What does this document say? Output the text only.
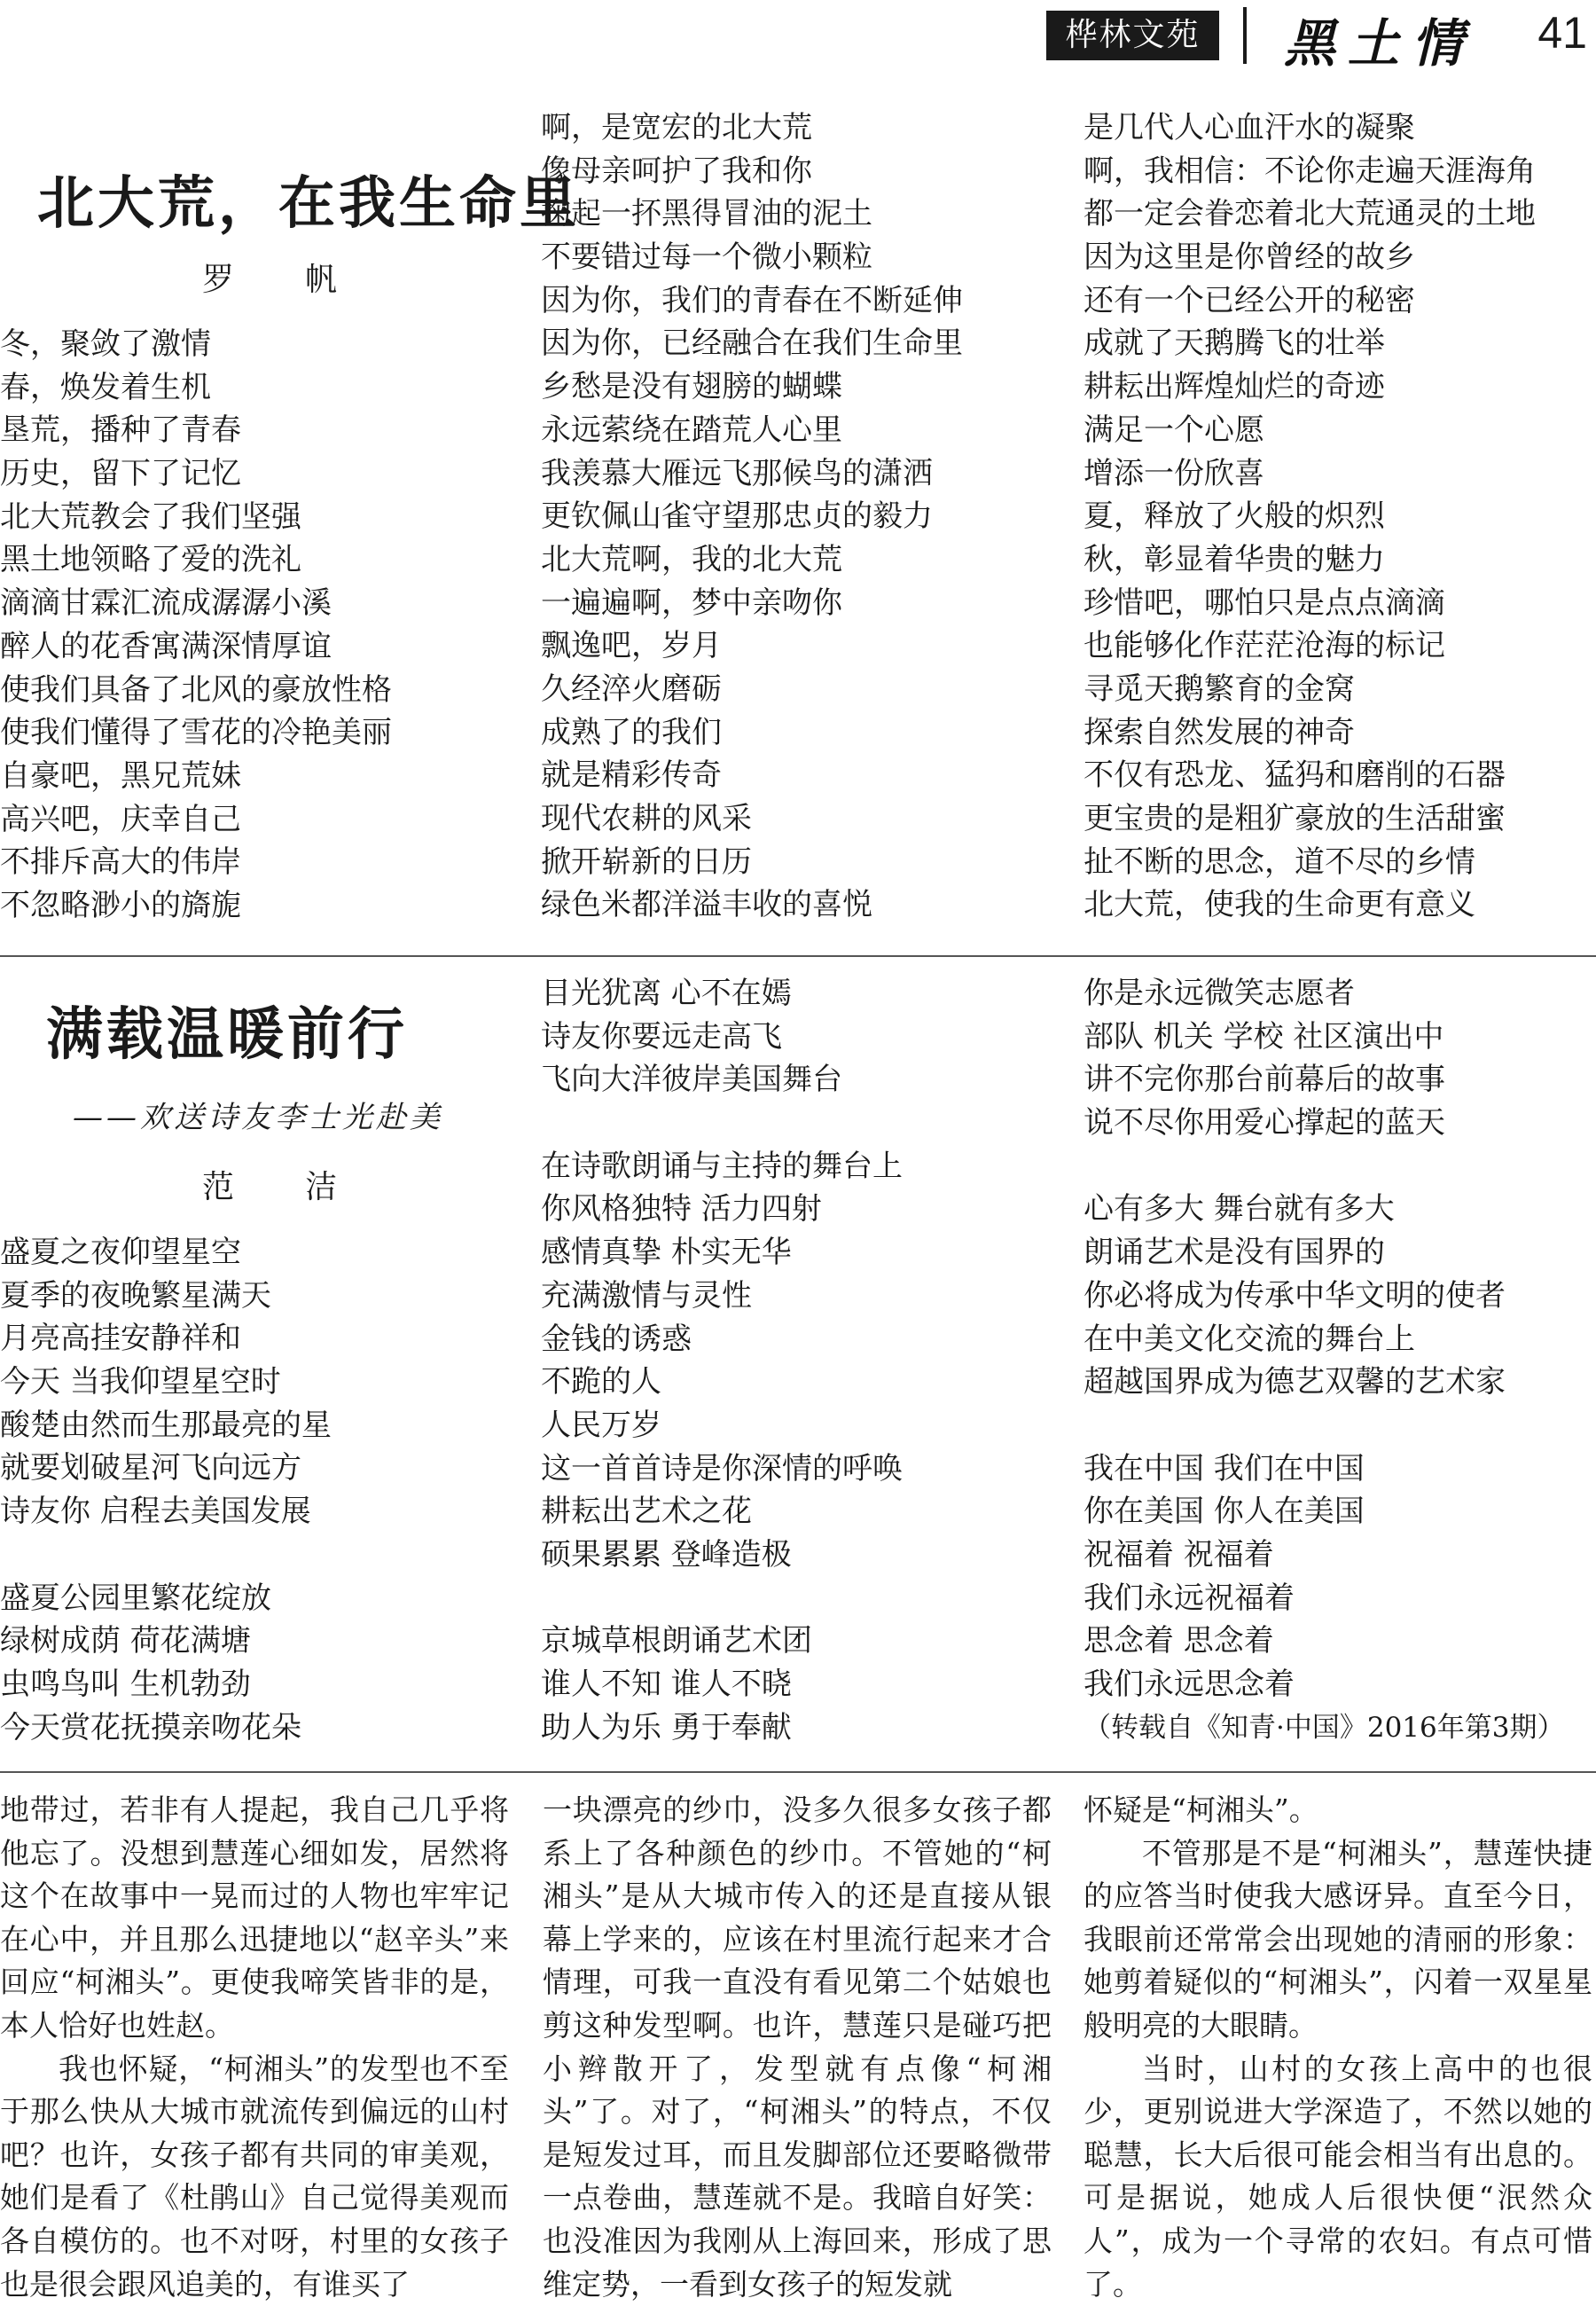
桦林文苑	黑土情 41
北大荒，在我生命里
罗　帆
冬，聚敛了激情
春，焕发着生机
垦荒，播种了青春
历史，留下了记忆
北大荒教会了我们坚强
黑土地领略了爱的洗礼
滴滴甘霖汇流成潺潺小溪
醉人的花香寓满深情厚谊
使我们具备了北风的豪放性格
使我们懂得了雪花的冷艳美丽
自豪吧，黑兄荒妹
高兴吧，庆幸自己
不排斥高大的伟岸
不忽略渺小的旖旎
啊，是宽宏的北大荒
像母亲呵护了我和你
掬起一抔黑得冒油的泥土
不要错过每一个微小颗粒
因为你，我们的青春在不断延伸
因为你，已经融合在我们生命里
乡愁是没有翅膀的蝴蝶
永远萦绕在踏荒人心里
我羡慕大雁远飞那候鸟的潇洒
更钦佩山雀守望那忠贞的毅力
北大荒啊，我的北大荒
一遍遍啊，梦中亲吻你
飘逸吧，岁月
久经淬火磨砺
成熟了的我们
就是精彩传奇
现代农耕的风采
掀开崭新的日历
绿色米都洋溢丰收的喜悦
是几代人心血汗水的凝聚
啊，我相信：不论你走遍天涯海角
都一定会眷恋着北大荒通灵的土地
因为这里是你曾经的故乡
还有一个已经公开的秘密
成就了天鹅腾飞的壮举
耕耘出辉煌灿烂的奇迹
满足一个心愿
增添一份欣喜
夏，释放了火般的炽烈
秋，彰显着华贵的魅力
珍惜吧，哪怕只是点点滴滴
也能够化作茫茫沧海的标记
寻觅天鹅繁育的金窝
探索自然发展的神奇
不仅有恐龙、猛犸和磨削的石器
更宝贵的是粗犷豪放的生活甜蜜
扯不断的思念，道不尽的乡情
北大荒，使我的生命更有意义
满载温暖前行
——欢送诗友李士光赴美
范　洁
盛夏之夜仰望星空
夏季的夜晚繁星满天
月亮高挂安静祥和
今天 当我仰望星空时
酸楚由然而生那最亮的星
就要划破星河飞向远方
诗友你 启程去美国发展
盛夏公园里繁花绽放
绿树成荫 荷花满塘
虫鸣鸟叫 生机勃劲
今天赏花抚摸亲吻花朵
目光犹离 心不在嫣
诗友你要远走高飞
飞向大洋彼岸美国舞台
在诗歌朗诵与主持的舞台上
你风格独特 活力四射
感情真挚 朴实无华
充满激情与灵性
金钱的诱惑
不跪的人
人民万岁
这一首首诗是你深情的呼唤
耕耘出艺术之花
硕果累累 登峰造极
京城草根朗诵艺术团
谁人不知 谁人不晓
助人为乐 勇于奉献
你是永远微笑志愿者
部队 机关 学校 社区演出中
讲不完你那台前幕后的故事
说不尽你用爱心撑起的蓝天
心有多大 舞台就有多大
朗诵艺术是没有国界的
你必将成为传承中华文明的使者
在中美文化交流的舞台上
超越国界成为德艺双馨的艺术家
我在中国 我们在中国
你在美国 你人在美国
祝福着 祝福着
我们永远祝福着
思念着 思念着
我们永远思念着
（转载自《知青·中国》2016年第3期）

地带过，若非有人提起，我自己几乎将他忘了。没想到慧莲心细如发，居然将这个在故事中一晃而过的人物也牢牢记在心中，并且那么迅捷地以“赵辛头”来回应“柯湘头”。更使我啼笑皆非的是，本人恰好也姓赵。

我也怀疑，“柯湘头”的发型也不至于那么快从大城市就流传到偏远的山村吧？也许，女孩子都有共同的审美观，她们是看了《杜鹃山》自己觉得美观而各自模仿的。也不对呀，村里的女孩子也是很会跟风追美的，有谁买了

一块漂亮的纱巾，没多久很多女孩子都系上了各种颜色的纱巾。不管她的“柯湘头”是从大城市传入的还是直接从银幕上学来的，应该在村里流行起来才合情理，可我一直没有看见第二个姑娘也剪这种发型啊。也许，慧莲只是碰巧把小辫散开了，发型就有点像“柯湘头”了。对了，“柯湘头”的特点，不仅是短发过耳，而且发脚部位还要略微带一点卷曲，慧莲就不是。我暗自好笑：也没准因为我刚从上海回来，形成了思维定势，一看到女孩子的短发就

怀疑是“柯湘头”。

不管那是不是“柯湘头”，慧莲快捷的应答当时使我大感讶异。直至今日，我眼前还常常会出现她的清丽的形象：她剪着疑似的“柯湘头”，闪着一双星星般明亮的大眼睛。

当时，山村的女孩上高中的也很少，更别说进大学深造了，不然以她的聪慧，长大后很可能会相当有出息的。可是据说，她成人后很快便“泯然众人”，成为一个寻常的农妇。有点可惜了。
